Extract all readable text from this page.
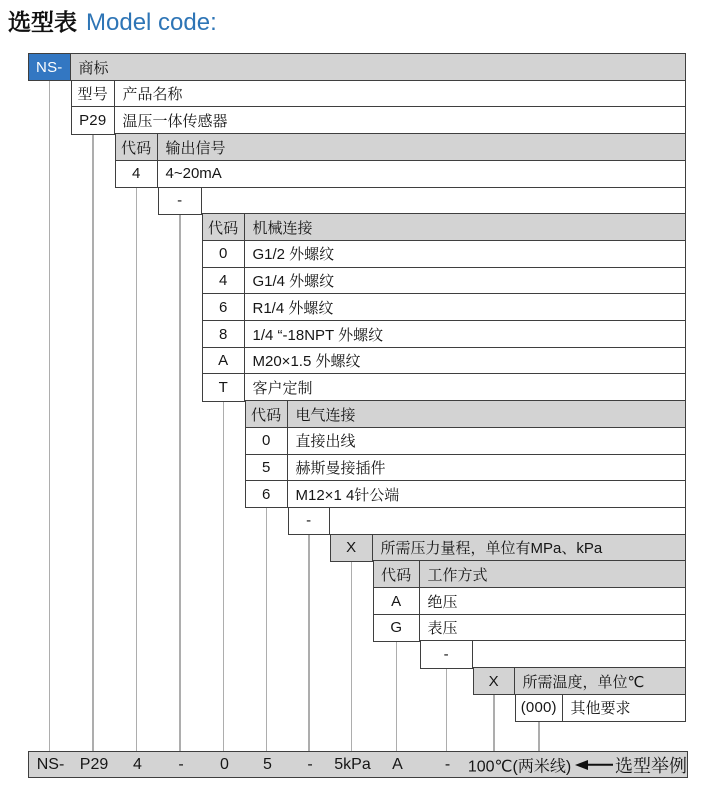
选型表 Model code:
NS-	商标
型号 产品名称
P29	温压一体传感器
代码 输出信号
4	4~20mA
-
代码 机械连接
0	G1/2 外螺纹
4	G1/4 外螺纹
6	R1/4 外螺纹
8	1/4 “-18NPT 外螺纹
A	M20×1.5 外螺纹
T	客户定制
代码 电气连接
0	直接出线
5	赫斯曼接插件
6	M12×1 4针公端
-
X	所需压力量程，单位有MPa、kPa
代码	工作方式
A	绝压
G	表压
-
X	所需温度，单位℃
(000) 其他要求
选型举例
NS- P29 4 - 0 5 - 5kPa A	- 100℃(两米线)
